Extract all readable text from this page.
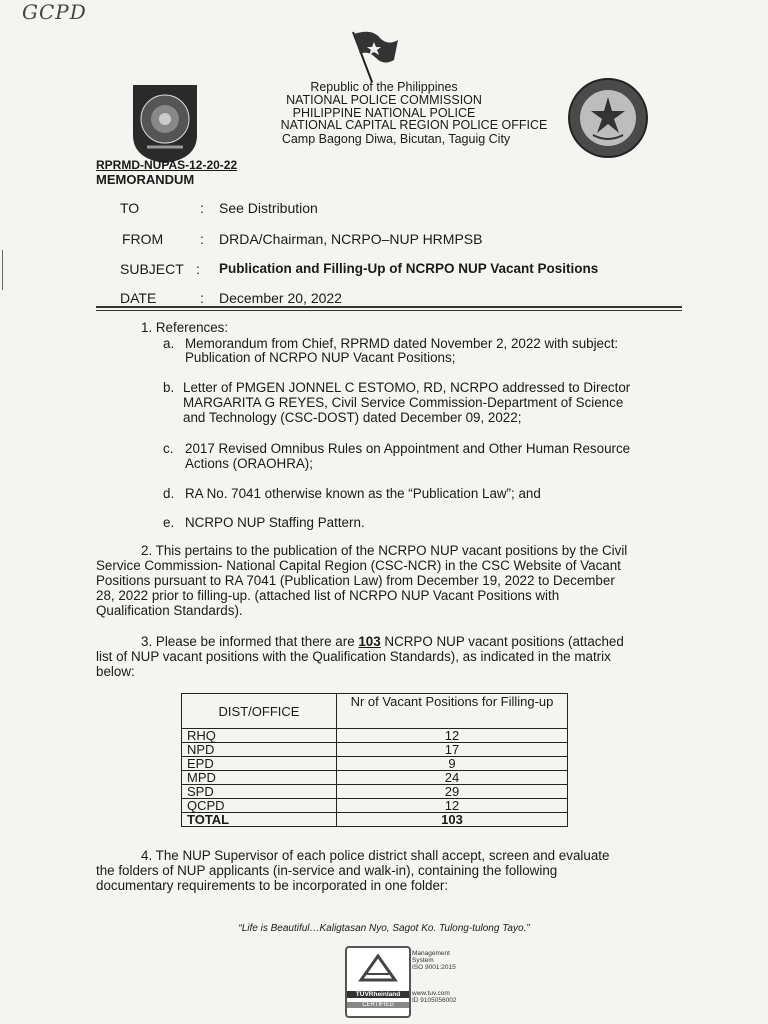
GCPD
Republic of the Philippines
NATIONAL POLICE COMMISSION
PHILIPPINE NATIONAL POLICE
NATIONAL CAPITAL REGION POLICE OFFICE
Camp Bagong Diwa, Bicutan, Taguig City
RPRMD-NUPAS-12-20-22
MEMORANDUM
TO	: See Distribution
FROM	: DRDA/Chairman, NCRPO–NUP HRMPSB
SUBJECT : Publication and Filling-Up of NCRPO NUP Vacant Positions
DATE	: December 20, 2022
1. References:
a. Memorandum from Chief, RPRMD dated November 2, 2022 with subject:
Publication of NCRPO NUP Vacant Positions;
b. Letter of PMGEN JONNEL C ESTOMO, RD, NCRPO addressed to Director
MARGARITA G REYES, Civil Service Commission-Department of Science
and Technology (CSC-DOST) dated December 09, 2022;
c. 2017 Revised Omnibus Rules on Appointment and Other Human Resource
Actions (ORAOHRA);
d. RA No. 7041 otherwise known as the “Publication Law”; and
e. NCRPO NUP Staffing Pattern.
2. This pertains to the publication of the NCRPO NUP vacant positions by the Civil
Service Commission- National Capital Region (CSC-NCR) in the CSC Website of Vacant
Positions pursuant to RA 7041 (Publication Law) from December 19, 2022 to December
28, 2022 prior to filling-up. (attached list of NCRPO NUP Vacant Positions with
Qualification Standards).
3. Please be informed that there are 103 NCRPO NUP vacant positions (attached
list of NUP vacant positions with the Qualification Standards), as indicated in the matrix
below:
DIST/OFFICE	Nr of Vacant Positions for Filling-up
RHQ	12
NPD	17
EPD	9
MPD	24
SPD	29
QCPD	12
TOTAL	103
4. The NUP Supervisor of each police district shall accept, screen and evaluate
the folders of NUP applicants (in-service and walk-in), containing the following
documentary requirements to be incorporated in one folder:
“Life is Beautiful…Kaligtasan Nyo, Sagot Ko. Tulong-tulong Tayo.”
TÜVRheinland
CERTIFIED
Management
System
ISO 9001:2015
www.tuv.com
ID 9105056002
